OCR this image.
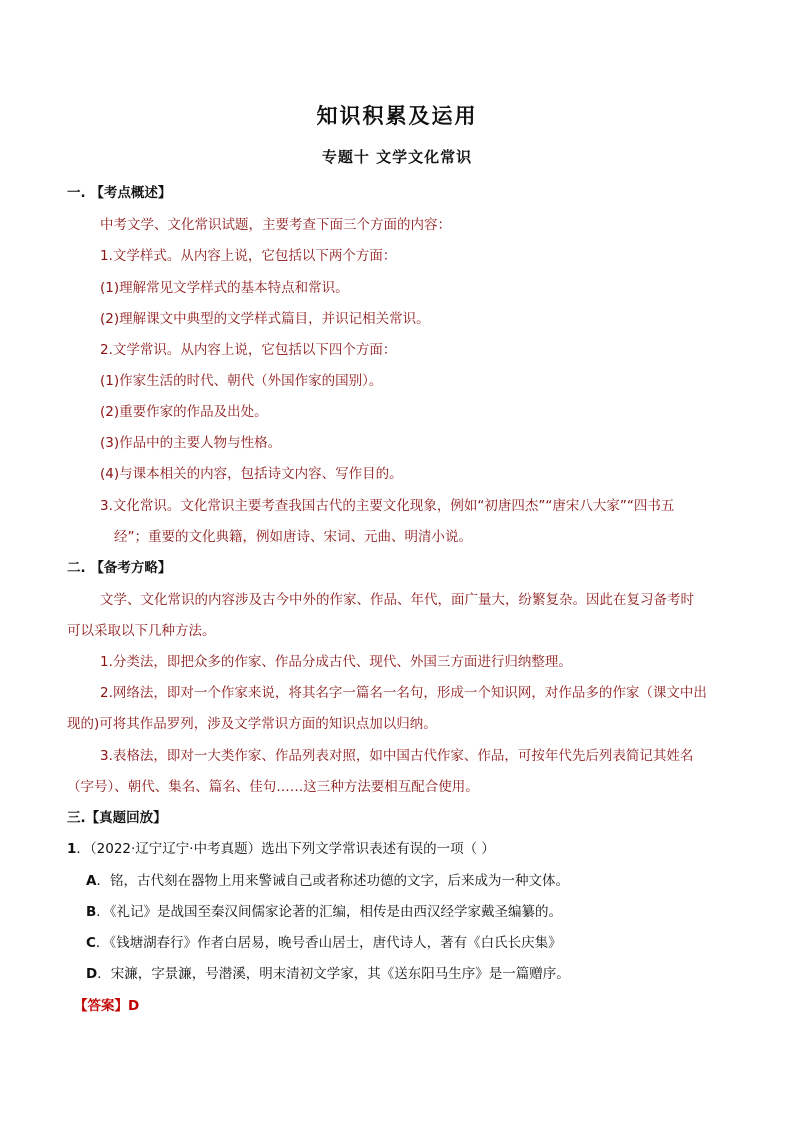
知识积累及运用
专题十 文学文化常识
一. 【考点概述】
中考文学、文化常识试题，主要考查下面三个方面的内容：
1.文学样式。从内容上说，它包括以下两个方面：
(1)理解常见文学样式的基本特点和常识。
(2)理解课文中典型的文学样式篇目，并识记相关常识。
2.文学常识。从内容上说，它包括以下四个方面：
(1)作家生活的时代、朝代（外国作家的国别）。
(2)重要作家的作品及出处。
(3)作品中的主要人物与性格。
(4)与课本相关的内容，包括诗文内容、写作目的。
3.文化常识。文化常识主要考查我国古代的主要文化现象，例如“初唐四杰”“唐宋八大家”“四书五
经”；重要的文化典籍，例如唐诗、宋词、元曲、明清小说。
二. 【备考方略】
文学、文化常识的内容涉及古今中外的作家、作品、年代，面广量大，纷繁复杂。因此在复习备考时
可以采取以下几种方法。
1.分类法，即把众多的作家、作品分成古代、现代、外国三方面进行归纳整理。
2.网络法，即对一个作家来说，将其名字一篇名一名句，形成一个知识网，对作品多的作家（课文中出
现的)可将其作品罗列，涉及文学常识方面的知识点加以归纳。
3.表格法，即对一大类作家、作品列表对照，如中国古代作家、作品，可按年代先后列表简记其姓名
（字号）、朝代、集名、篇名、佳句……这三种方法要相互配合使用。
三.【真题回放】
1．（2022·辽宁辽宁·中考真题）选出下列文学常识表述有误的一项（ ）
A．铭，古代刻在器物上用来警诫自己或者称述功德的文字，后来成为一种文体。
B．《礼记》是战国至秦汉间儒家论著的汇编，相传是由西汉经学家戴圣编纂的。
C．《钱塘湖春行》作者白居易，晚号香山居士，唐代诗人，著有《白氏长庆集》
D．宋濂，字景濂，号潜溪，明末清初文学家，其《送东阳马生序》是一篇赠序。
【答案】D
